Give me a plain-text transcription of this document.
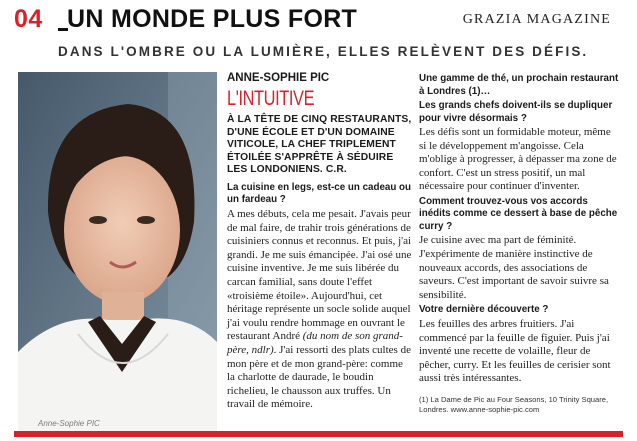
04 UN MONDE PLUS FORT	GRAZIA MAGAZINE
DANS L'OMBRE OU LA LUMIÈRE, ELLES RELÈVENT DES DÉFIS.
Anne-Sophie PIC
ANNE-SOPHIE PIC
L'INTUITIVE
À LA TÊTE DE CINQ RESTAURANTS, D'UNE ÉCOLE ET D'UN DOMAINE VITICOLE, LA CHEF TRIPLEMENT ÉTOILÉE S'APPRÊTE À SÉDUIRE LES LONDONIENS. C.R.
La cuisine en legs, est-ce un cadeau ou un fardeau ?
A mes débuts, cela me pesait. J'avais peur de mal faire, de trahir trois générations de cuisiniers connus et reconnus. Et puis, j'ai grandi. Je me suis émancipée. J'ai osé une cuisine inventive. Je me suis libérée du carcan familial, sans doute l'effet «troisième étoile». Aujourd'hui, cet héritage représente un socle solide auquel j'ai voulu rendre hommage en ouvrant le restaurant André (du nom de son grand-père, ndlr). J'ai ressorti des plats cultes de mon père et de mon grand-père: comme la charlotte de daurade, le boudin richelieu, le chausson aux truffes. Un travail de mémoire.
Une gamme de thé, un prochain restaurant à Londres (1)…
Les grands chefs doivent-ils se dupliquer pour vivre désormais ?
Les défis sont un formidable moteur, même si le développement m'angoisse. Cela m'oblige à progresser, à dépasser ma zone de confort. C'est un stress positif, un mal nécessaire pour continuer d'inventer.
Comment trouvez-vous vos accords inédits comme ce dessert à base de pêche curry ?
Je cuisine avec ma part de féminité. J'expérimente de manière instinctive de nouveaux accords, des associations de saveurs. C'est important de savoir suivre sa sensibilité.
Votre dernière découverte ?
Les feuilles des arbres fruitiers. J'ai commencé par la feuille de figuier. Puis j'ai inventé une recette de volaille, fleur de pêcher, curry. Et les feuilles de cerisier sont aussi très intéressantes.
(1) La Dame de Pic au Four Seasons, 10 Trinity Square, Londres. www.anne-sophie-pic.com
